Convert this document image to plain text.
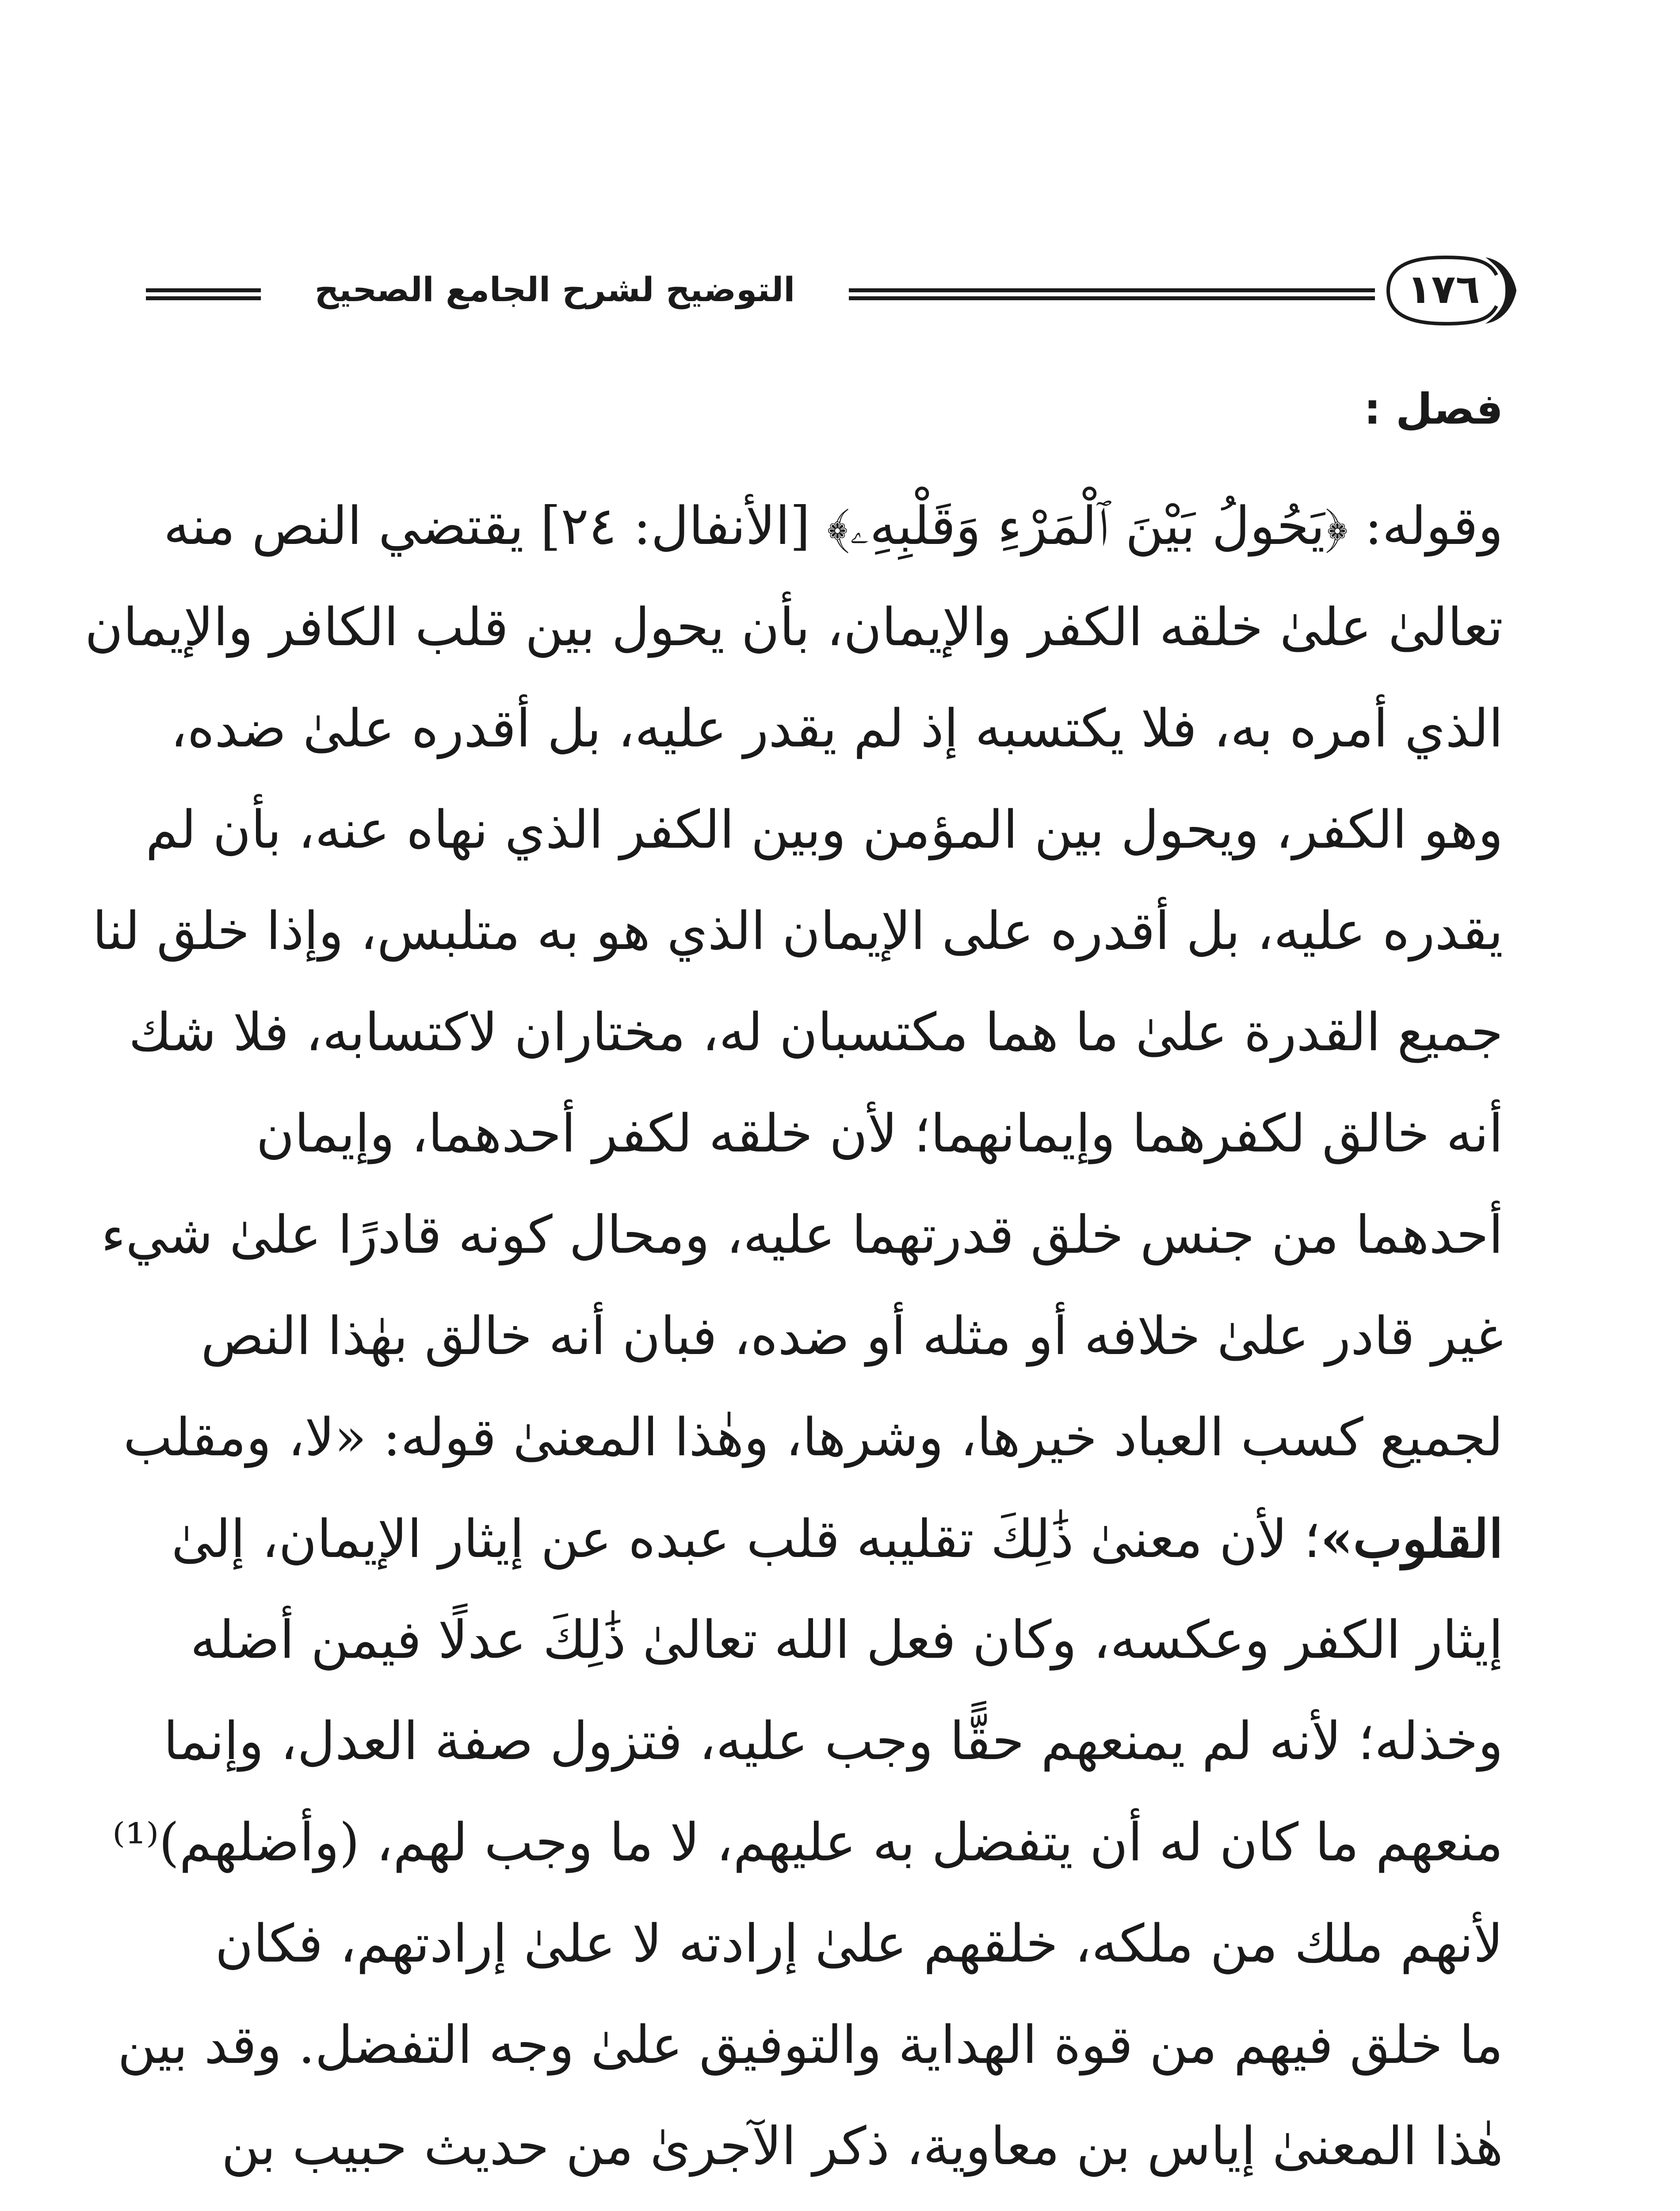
التوضيح لشرح الجامع الصحيح	١٧٦
فصل :
وقوله: ﴿يَحُولُ بَيْنَ ٱلْمَرْءِ وَقَلْبِهِۦ﴾ [الأنفال: ٢٤] يقتضي النص منه
تعالىٰ علىٰ خلقه الكفر والإيمان، بأن يحول بين قلب الكافر والإيمان
الذي أمره به، فلا يكتسبه إذ لم يقدر عليه، بل أقدره علىٰ ضده،
وهو الكفر، ويحول بين المؤمن وبين الكفر الذي نهاه عنه، بأن لم
يقدره عليه، بل أقدره على الإيمان الذي هو به متلبس، وإذا خلق لنا
جميع القدرة علىٰ ما هما مكتسبان له، مختاران لاكتسابه، فلا شك
أنه خالق لكفرهما وإيمانهما؛ لأن خلقه لكفر أحدهما، وإيمان
أحدهما من جنس خلق قدرتهما عليه، ومحال كونه قادرًا علىٰ شيء
غير قادر علىٰ خلافه أو مثله أو ضده، فبان أنه خالق بهٰذا النص
لجميع كسب العباد خيرها، وشرها، وهٰذا المعنىٰ قوله: «لا، ومقلب
القلوب»؛ لأن معنىٰ ذَٰلِكَ تقليبه قلب عبده عن إيثار الإيمان، إلىٰ
إيثار الكفر وعكسه، وكان فعل الله تعالىٰ ذَٰلِكَ عدلًا فيمن أضله
وخذله؛ لأنه لم يمنعهم حقًّا وجب عليه، فتزول صفة العدل، وإنما
منعهم ما كان له أن يتفضل به عليهم، لا ما وجب لهم، (وأضلهم)⁽¹⁾
لأنهم ملك من ملكه، خلقهم علىٰ إرادته لا علىٰ إرادتهم، فكان
ما خلق فيهم من قوة الهداية والتوفيق علىٰ وجه التفضل. وقد بين
هٰذا المعنىٰ إياس بن معاوية، ذكر الآجرىٰ من حديث حبيب بن
